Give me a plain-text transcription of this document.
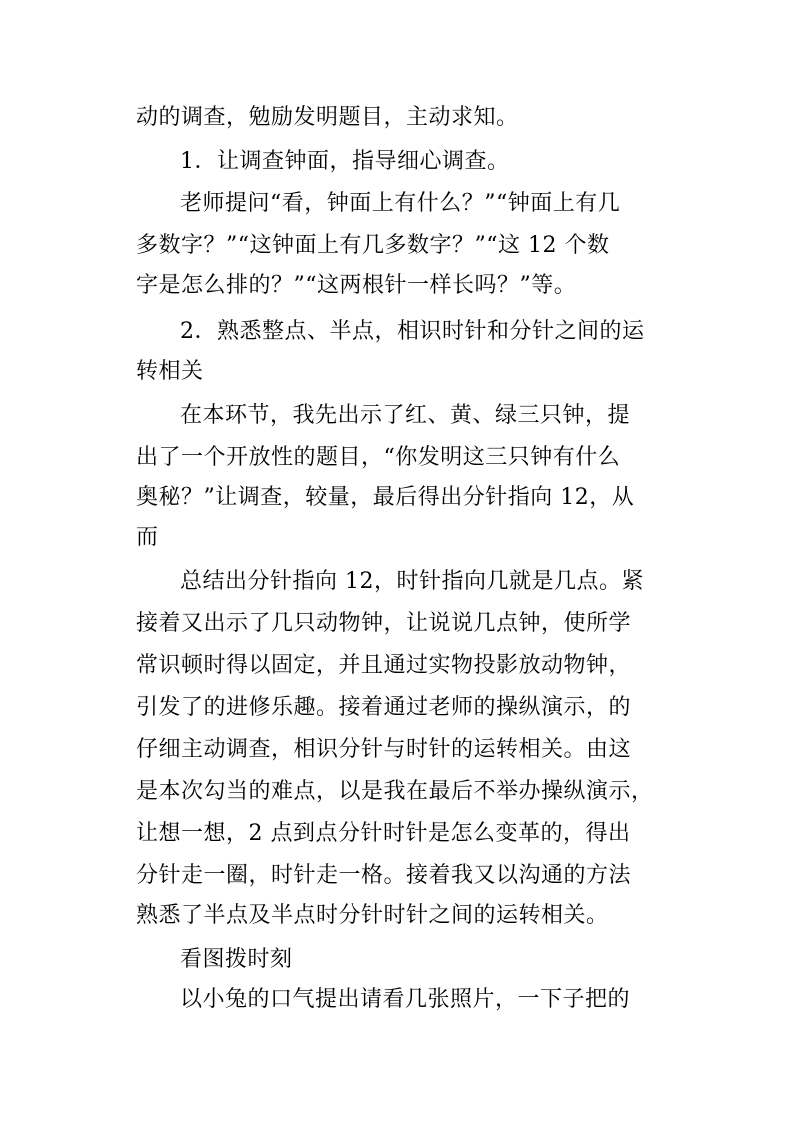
动的调查，勉励发明题目，主动求知。
1．让调查钟面，指导细心调查。
老师提问“看，钟面上有什么？”“钟面上有几
多数字？”“这钟面上有几多数字？”“这 12 个数
字是怎么排的？”“这两根针一样长吗？”等。
2．熟悉整点、半点，相识时针和分针之间的运
转相关
在本环节，我先出示了红、黄、绿三只钟，提
出了一个开放性的题目，“你发明这三只钟有什么
奥秘？”让调查，较量，最后得出分针指向 12，从
而
总结出分针指向 12，时针指向几就是几点。紧
接着又出示了几只动物钟，让说说几点钟，使所学
常识顿时得以固定，并且通过实物投影放动物钟，
引发了的进修乐趣。接着通过老师的操纵演示，的
仔细主动调查，相识分针与时针的运转相关。由这
是本次勾当的难点，以是我在最后不举办操纵演示，
让想一想，2 点到点分针时针是怎么变革的，得出
分针走一圈，时针走一格。接着我又以沟通的方法
熟悉了半点及半点时分针时针之间的运转相关。
看图拨时刻
以小兔的口气提出请看几张照片，一下子把的
